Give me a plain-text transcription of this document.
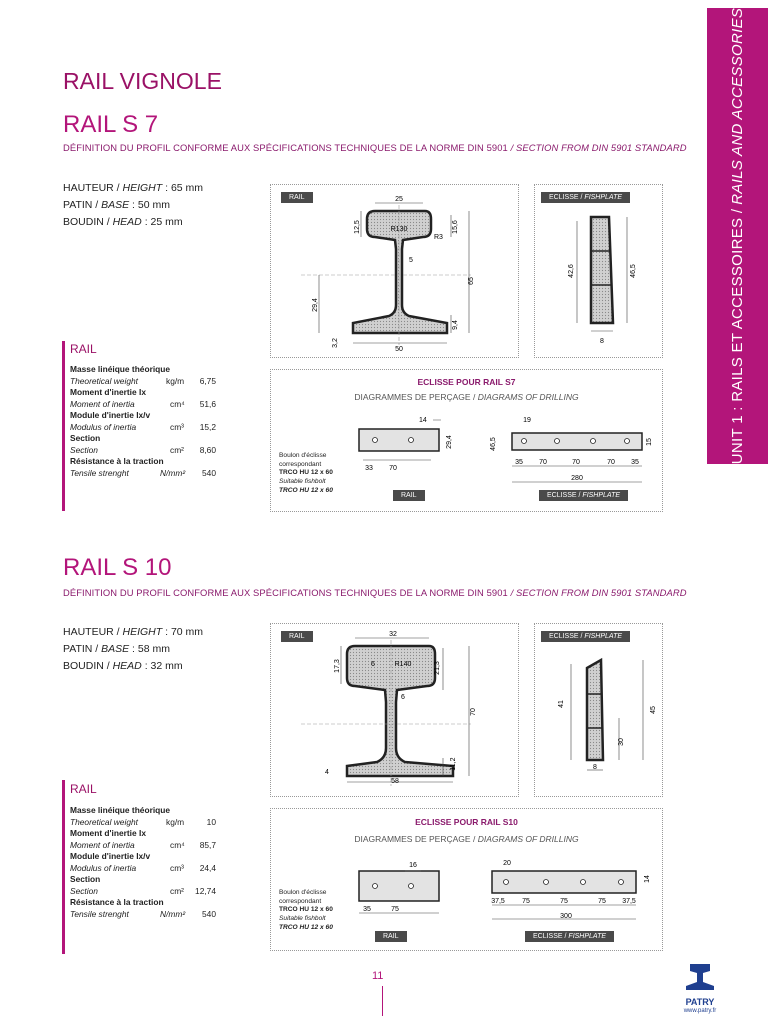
UNIT 1 : RAILS ET ACCESSOIRES /
RAILS AND ACCESSORIES
RAIL VIGNOLE
RAIL S 7
DÉFINITION DU PROFIL CONFORME AUX SPÉCIFICATIONS TECHNIQUES DE LA NORME DIN 5901 / SECTION FROM DIN 5901 STANDARD
HAUTEUR / HEIGHT : 65 mm
PATIN / BASE : 50 mm
BOUDIN / HEAD : 25 mm
RAIL	25
12,5	R130
R3
15,6
5
65
29,4
9,4
3,2
50
ECLISSE / FISHPLATE
42,6	46,5
8
RAIL
Masse linéique théorique
Theoretical weight	kg/m 6,75
Moment d'inertie Ix
Moment of inertia	cm⁴ 51,6
Module d'inertie Ix/v
Modulus of inertia	cm³ 15,2
Section
Section	cm² 8,60
Résistance à la traction
Tensile strenght	N/mm² 540
ECLISSE POUR RAIL S7
DIAGRAMMES DE PERÇAGE / DIAGRAMS OF DRILLING
Boulon d'éclisse
correspondant
TRCO HU 12 x 60
Suitable fishbolt
TRCO HU 12 x 60
14
29,4
33 70
19
46,5	15
35 70	70	70 35
280
RAIL	ECLISSE / FISHPLATE
RAIL S 10
DÉFINITION DU PROFIL CONFORME AUX SPÉCIFICATIONS TECHNIQUES DE LA NORME DIN 5901 / SECTION FROM DIN 5901 STANDARD
HAUTEUR / HEIGHT : 70 mm
PATIN / BASE : 58 mm
BOUDIN / HEAD : 32 mm
RAIL	32
17,3	6	R140	21,3
6
70
11,2
4
58
ECLISSE / FISHPLATE
41
45
30
8
RAIL
Masse linéique théorique
Theoretical weight	kg/m	10
Moment d'inertie Ix
Moment of inertia	cm⁴ 85,7
Module d'inertie Ix/v
Modulus of inertia	cm³ 24,4
Section
Section	cm² 12,74
Résistance à la traction
Tensile strenght	N/mm² 540
ECLISSE POUR RAIL S10
DIAGRAMMES DE PERÇAGE / DIAGRAMS OF DRILLING
Boulon d'éclisse
correspondant
TRCO HU 12 x 60
Suitable fishbolt
TRCO HU 12 x 60
16
35	75
20
14
37,5 75	75	75 37,5
300
RAIL	ECLISSE / FISHPLATE
11
PATRY
www.patry.fr
